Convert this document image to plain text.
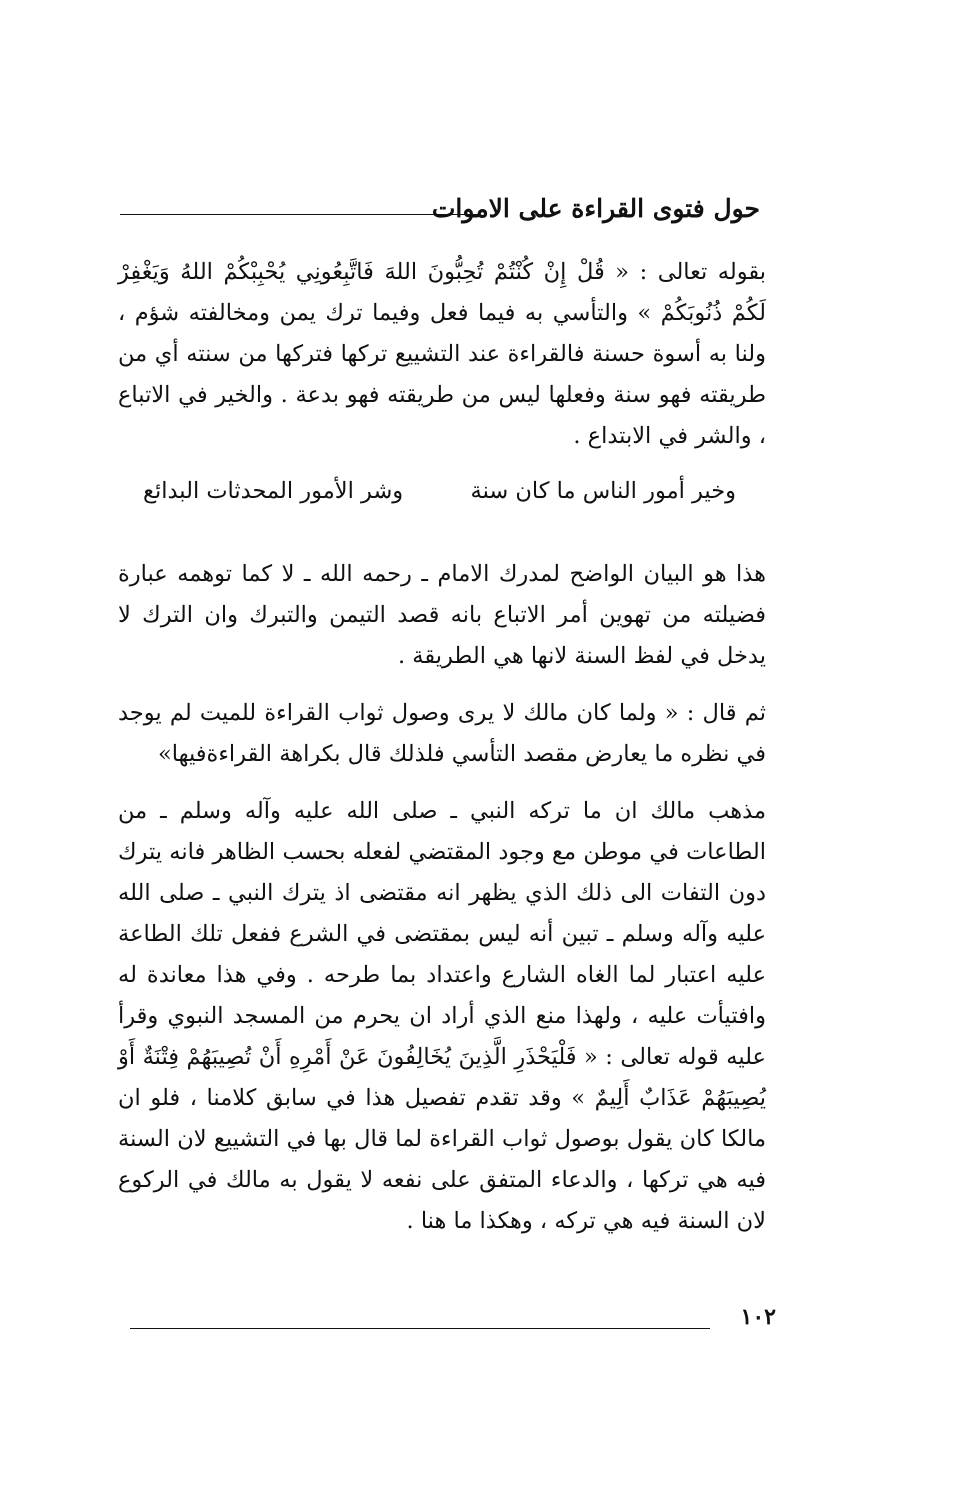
حول فتوى القراءة على الاموات

بقوله تعالى : « قُلْ إِنْ كُنْتُمْ تُحِبُّونَ اللهَ فَاتَّبِعُونِي يُحْبِبْكُمْ اللهُ وَيَغْفِرْ لَكُمْ ذُنُوبَكُمْ » والتأسي به فيما فعل وفيما ترك يمن ومخالفته شؤم ، ولنا به أسوة حسنة فالقراءة عند التشييع تركها فتركها من سنته أي من طريقته فهو سنة وفعلها ليس من طريقته فهو بدعة . والخير في الاتباع ، والشر في الابتداع .

وخير أمور الناس ما كان سنة
وشر الأمور المحدثات البدائع

هذا هو البيان الواضح لمدرك الامام ـ رحمه الله ـ لا كما توهمه عبارة فضيلته من تهوين أمر الاتباع بانه قصد التيمن والتبرك وان الترك لا يدخل في لفظ السنة لانها هي الطريقة .

ثم قال : « ولما كان مالك لا يرى وصول ثواب القراءة للميت لم يوجد في نظره ما يعارض مقصد التأسي فلذلك قال بكراهة القراءةفيها»

مذهب مالك ان ما تركه النبي ـ صلى الله عليه وآله وسلم ـ من الطاعات في موطن مع وجود المقتضي لفعله بحسب الظاهر فانه يترك دون التفات الى ذلك الذي يظهر انه مقتضى اذ يترك النبي ـ صلى الله عليه وآله وسلم ـ تبين أنه ليس بمقتضى في الشرع ففعل تلك الطاعة عليه اعتبار لما الغاه الشارع واعتداد بما طرحه . وفي هذا معاندة له وافتيأت عليه ، ولهذا منع الذي أراد ان يحرم من المسجد النبوي وقرأ عليه قوله تعالى : « فَلْيَحْذَرِ الَّذِينَ يُخَالِفُونَ عَنْ أَمْرِهِ أَنْ تُصِيبَهُمْ فِتْنَةٌ أَوْ يُصِيبَهُمْ عَذَابٌ أَلِيمٌ » وقد تقدم تفصيل هذا في سابق كلامنا ، فلو ان مالكا كان يقول بوصول ثواب القراءة لما قال بها في التشييع لان السنة فيه هي تركها ، والدعاء المتفق على نفعه لا يقول به مالك في الركوع لان السنة فيه هي تركه ، وهكذا ما هنا .

١٠٢
